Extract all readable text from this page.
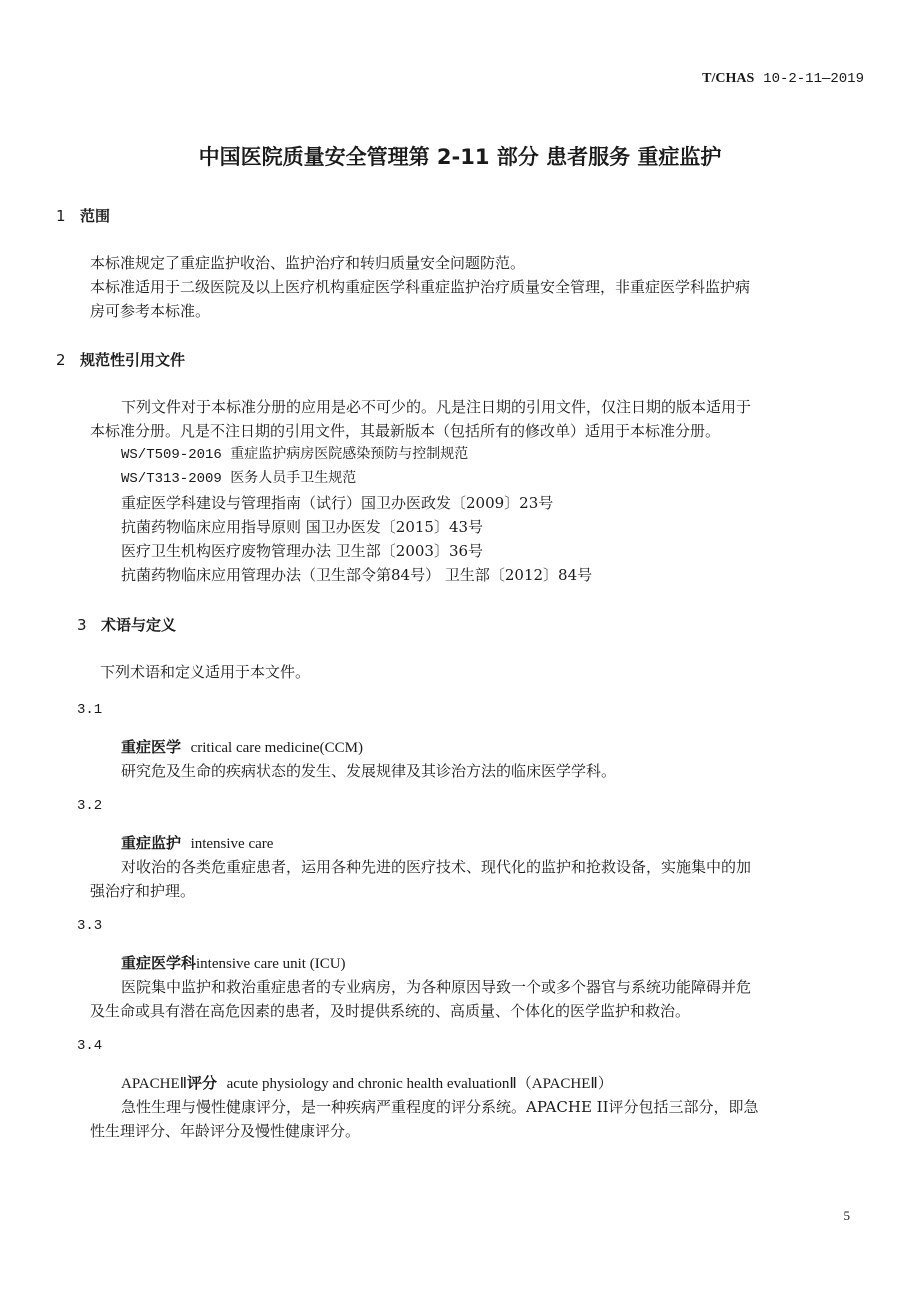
T/CHAS 10-2-11—2019
中国医院质量安全管理第 2-11 部分 患者服务 重症监护
1 范围
本标准规定了重症监护收治、监护治疗和转归质量安全问题防范。
本标准适用于二级医院及以上医疗机构重症医学科重症监护治疗质量安全管理，非重症医学科监护病
房可参考本标准。
2 规范性引用文件
下列文件对于本标准分册的应用是必不可少的。凡是注日期的引用文件，仅注日期的版本适用于
本标准分册。凡是不注日期的引用文件，其最新版本（包括所有的修改单）适用于本标准分册。
WS/T509-2016 重症监护病房医院感染预防与控制规范
WS/T313-2009 医务人员手卫生规范
重症医学科建设与管理指南（试行）国卫办医政发〔2009〕23号
抗菌药物临床应用指导原则 国卫办医发〔2015〕43号
医疗卫生机构医疗废物管理办法 卫生部〔2003〕36号
抗菌药物临床应用管理办法（卫生部令第84号） 卫生部〔2012〕84号
3 术语与定义
下列术语和定义适用于本文件。
3.1
重症医学 critical care medicine(CCM)
研究危及生命的疾病状态的发生、发展规律及其诊治方法的临床医学学科。
3.2
重症监护 intensive care
对收治的各类危重症患者，运用各种先进的医疗技术、现代化的监护和抢救设备，实施集中的加
强治疗和护理。
3.3
重症医学科intensive care unit (ICU)
医院集中监护和救治重症患者的专业病房，为各种原因导致一个或多个器官与系统功能障碍并危
及生命或具有潜在高危因素的患者，及时提供系统的、高质量、个体化的医学监护和救治。
3.4
APACHEⅡ评分 acute physiology and chronic health evaluationⅡ（APACHEⅡ）
急性生理与慢性健康评分，是一种疾病严重程度的评分系统。APACHE II评分包括三部分，即急
性生理评分、年龄评分及慢性健康评分。
5
